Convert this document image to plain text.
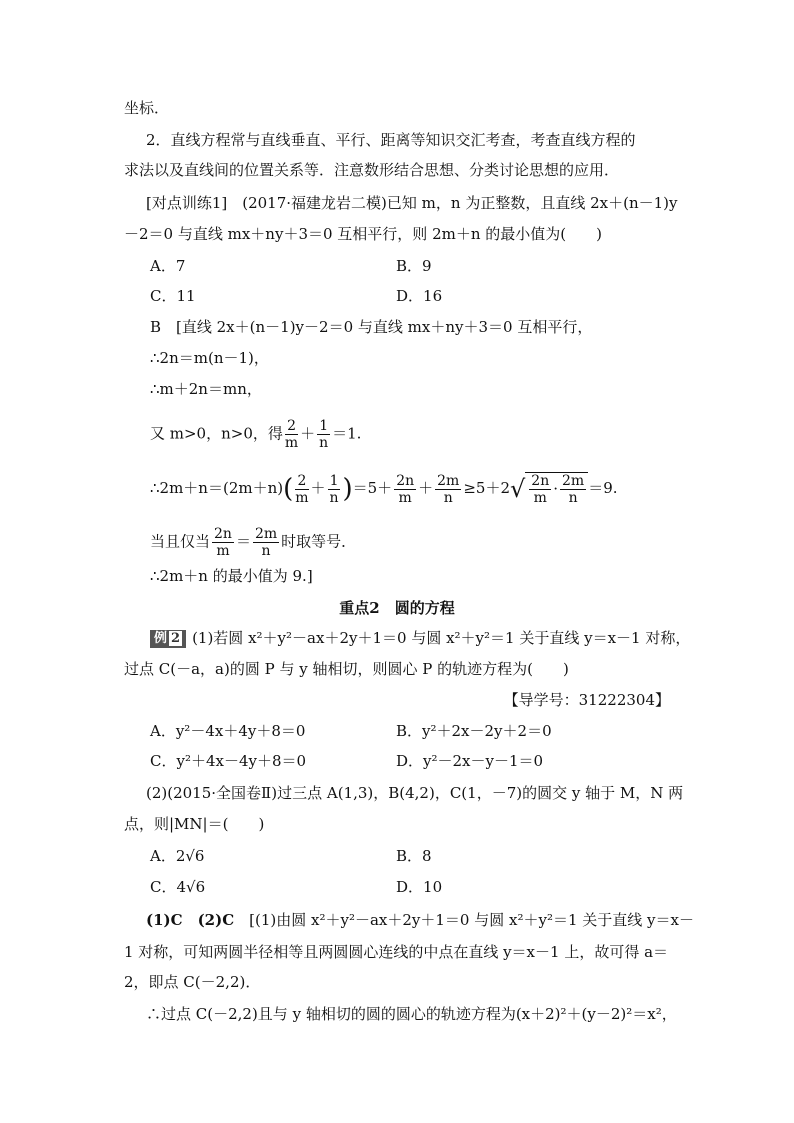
坐标．
2．直线方程常与直线垂直、平行、距离等知识交汇考查，考查直线方程的
求法以及直线间的位置关系等．注意数形结合思想、分类讨论思想的应用．
[对点训练1]　(2017·福建龙岩二模)已知 m，n 为正整数，且直线 2x＋(n－1)y
－2＝0 与直线 mx＋ny＋3＝0 互相平行，则 2m＋n 的最小值为(　　)
A．7	B．9
C．11	D．16
B　[直线 2x＋(n－1)y－2＝0 与直线 mx＋ny＋3＝0 互相平行，
∴2n＝m(n－1)，
∴m＋2n＝mn，
又 m>0，n>0，得 $\frac{2}{m} + \frac{1}{n} =1$.
∴2m＋n＝(2m＋n)( $\frac{2}{m} + \frac{1}{n} )=5+ \frac{2n}{m} + \frac{2m}{n} \ge 5+2√ \frac{2n}{m} \cdot \frac{2m}{n} =9$.
当且仅当 $\frac{2n}{m} = \frac{2m}{n}$ 时取等号．
∴2m＋n 的最小值为 9.]
重点2　圆的方程
例 2 (1)若圆 x²＋y²－ax＋2y＋1＝0 与圆 x²＋y²＝1 关于直线 y＝x－1 对称，
过点 C(－a，a)的圆 P 与 y 轴相切，则圆心 P 的轨迹方程为(　　)
【导学号：31222304】
A．y²－4x＋4y＋8＝0	B．y²＋2x－2y＋2＝0
C．y²＋4x－4y＋8＝0	D．y²－2x－y－1＝0
(2)(2015·全国卷Ⅱ)过三点 A(1,3)，B(4,2)，C(1，－7)的圆交 y 轴于 M，N 两
点，则|MN|＝(　　)
A．2√6	B．8
C．4√6	D．10
(1)C　(2)C　[(1)由圆 x²＋y²－ax＋2y＋1＝0 与圆 x²＋y²＝1 关于直线 y＝x－
1 对称，可知两圆半径相等且两圆圆心连线的中点在直线 y＝x－1 上，故可得 a＝
2，即点 C(－2,2)．
∴过点 C(－2,2)且与 y 轴相切的圆的圆心的轨迹方程为(x＋2)²＋(y－2)²＝x²，
